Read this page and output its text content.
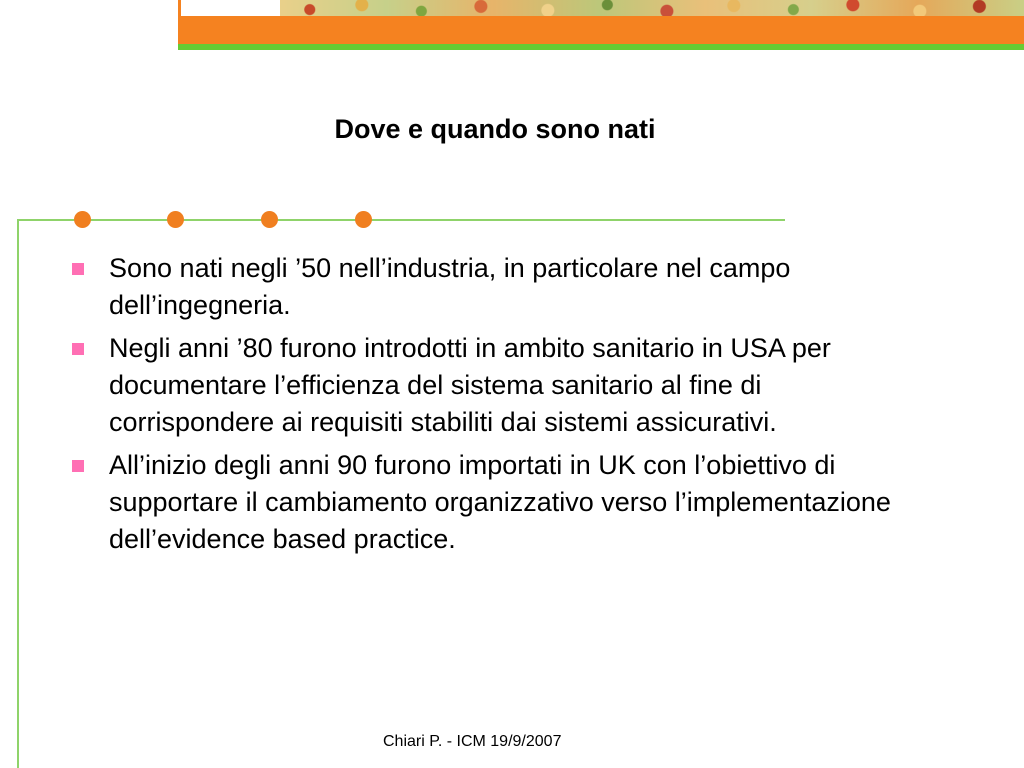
Dove e quando sono nati
Sono nati negli ’50 nell’industria, in particolare nel campo dell’ingegneria.
Negli anni ’80 furono introdotti in ambito sanitario in USA per documentare l’efficienza del sistema sanitario al fine di corrispondere ai requisiti stabiliti dai sistemi assicurativi.
All’inizio degli anni 90 furono importati in UK con l’obiettivo di supportare il cambiamento organizzativo verso l’implementazione dell’evidence based practice.
Chiari P. - ICM 19/9/2007
